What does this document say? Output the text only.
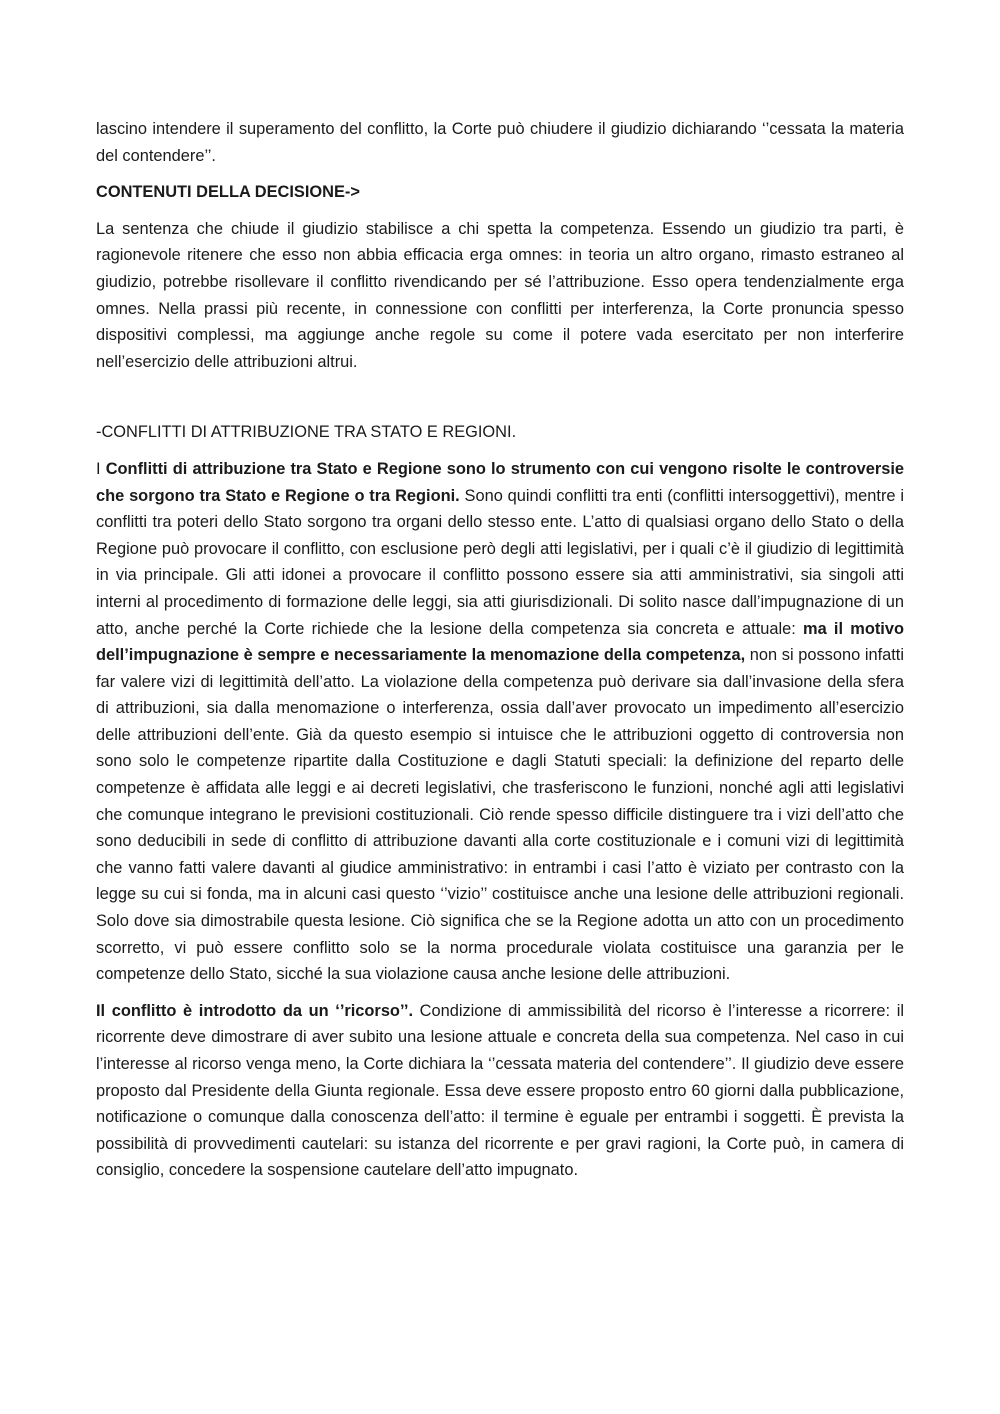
lascino intendere il superamento del conflitto, la Corte può chiudere il giudizio dichiarando ‘’cessata la materia del contendere’’.

CONTENUTI DELLA DECISIONE->

La sentenza che chiude il giudizio stabilisce a chi spetta la competenza. Essendo un giudizio tra parti, è ragionevole ritenere che esso non abbia efficacia erga omnes: in teoria un altro organo, rimasto estraneo al giudizio, potrebbe risollevare il conflitto rivendicando per sé l’attribuzione. Esso opera tendenzialmente erga omnes. Nella prassi più recente, in connessione con conflitti per interferenza, la Corte pronuncia spesso dispositivi complessi, ma aggiunge anche regole su come il potere vada esercitato per non interferire nell’esercizio delle attribuzioni altrui.

-CONFLITTI DI ATTRIBUZIONE TRA STATO E REGIONI.

I Conflitti di attribuzione tra Stato e Regione sono lo strumento con cui vengono risolte le controversie che sorgono tra Stato e Regione o tra Regioni. Sono quindi conflitti tra enti (conflitti intersoggettivi), mentre i conflitti tra poteri dello Stato sorgono tra organi dello stesso ente. L’atto di qualsiasi organo dello Stato o della Regione può provocare il conflitto, con esclusione però degli atti legislativi, per i quali c’è il giudizio di legittimità in via principale. Gli atti idonei a provocare il conflitto possono essere sia atti amministrativi, sia singoli atti interni al procedimento di formazione delle leggi, sia atti giurisdizionali. Di solito nasce dall’impugnazione di un atto, anche perché la Corte richiede che la lesione della competenza sia concreta e attuale: ma il motivo dell’impugnazione è sempre e necessariamente la menomazione della competenza, non si possono infatti far valere vizi di legittimità dell’atto. La violazione della competenza può derivare sia dall’invasione della sfera di attribuzioni, sia dalla menomazione o interferenza, ossia dall’aver provocato un impedimento all’esercizio delle attribuzioni dell’ente. Già da questo esempio si intuisce che le attribuzioni oggetto di controversia non sono solo le competenze ripartite dalla Costituzione e dagli Statuti speciali: la definizione del reparto delle competenze è affidata alle leggi e ai decreti legislativi, che trasferiscono le funzioni, nonché agli atti legislativi che comunque integrano le previsioni costituzionali. Ciò rende spesso difficile distinguere tra i vizi dell’atto che sono deducibili in sede di conflitto di attribuzione davanti alla corte costituzionale e i comuni vizi di legittimità che vanno fatti valere davanti al giudice amministrativo: in entrambi i casi l’atto è viziato per contrasto con la legge su cui si fonda, ma in alcuni casi questo ‘’vizio’’ costituisce anche una lesione delle attribuzioni regionali. Solo dove sia dimostrabile questa lesione. Ciò significa che se la Regione adotta un atto con un procedimento scorretto, vi può essere conflitto solo se la norma procedurale violata costituisce una garanzia per le competenze dello Stato, sicché la sua violazione causa anche lesione delle attribuzioni.

Il conflitto è introdotto da un ‘’ricorso’’. Condizione di ammissibilità del ricorso è l’interesse a ricorrere: il ricorrente deve dimostrare di aver subito una lesione attuale e concreta della sua competenza. Nel caso in cui l’interesse al ricorso venga meno, la Corte dichiara la ‘’cessata materia del contendere’’. Il giudizio deve essere proposto dal Presidente della Giunta regionale. Essa deve essere proposto entro 60 giorni dalla pubblicazione, notificazione o comunque dalla conoscenza dell’atto: il termine è eguale per entrambi i soggetti. È prevista la possibilità di provvedimenti cautelari: su istanza del ricorrente e per gravi ragioni, la Corte può, in camera di consiglio, concedere la sospensione cautelare dell’atto impugnato.
